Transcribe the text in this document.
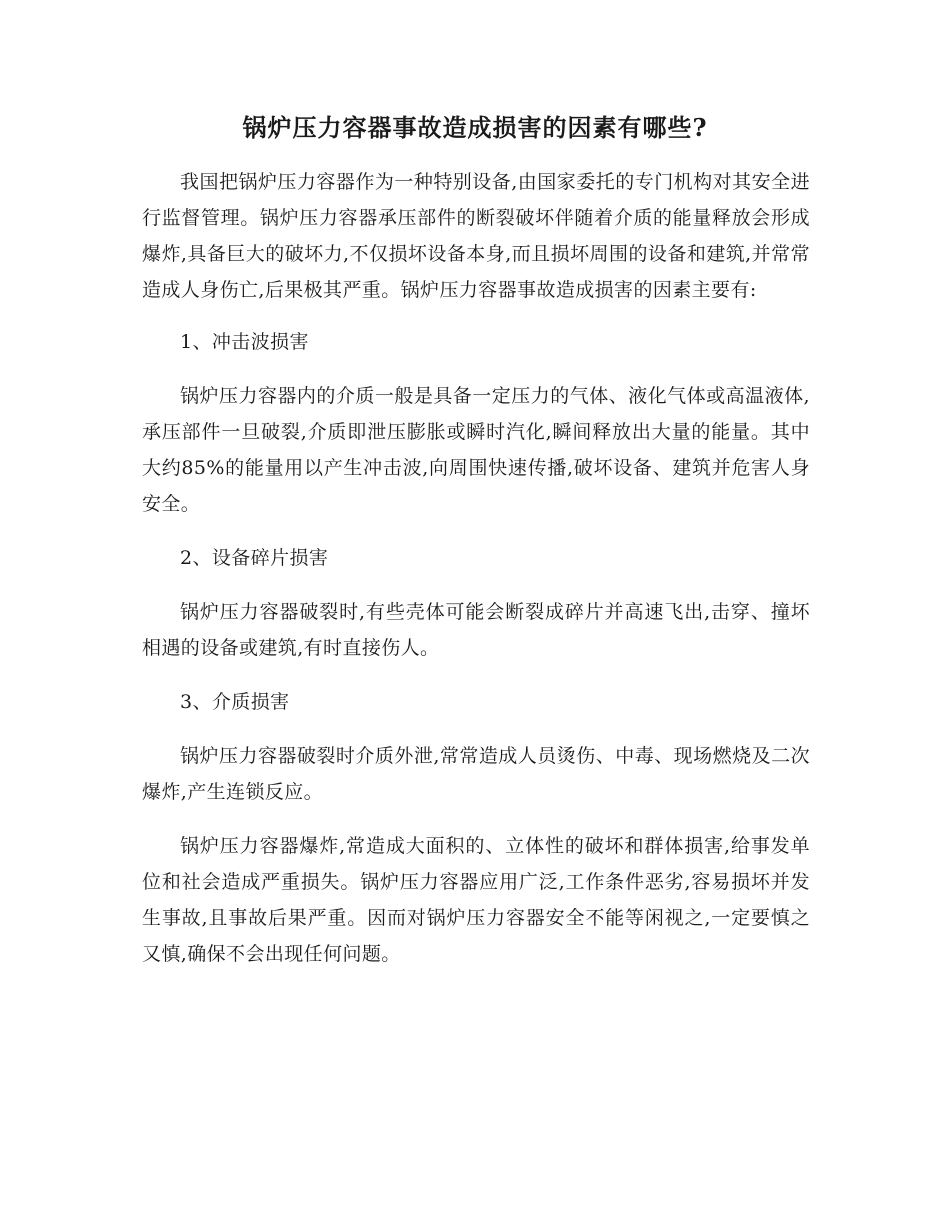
锅炉压力容器事故造成损害的因素有哪些?

我国把锅炉压力容器作为一种特别设备,由国家委托的专门机构对其安全进行监督管理。锅炉压力容器承压部件的断裂破坏伴随着介质的能量释放会形成爆炸,具备巨大的破坏力,不仅损坏设备本身,而且损坏周围的设备和建筑,并常常造成人身伤亡,后果极其严重。锅炉压力容器事故造成损害的因素主要有:

1、冲击波损害

锅炉压力容器内的介质一般是具备一定压力的气体、液化气体或高温液体,承压部件一旦破裂,介质即泄压膨胀或瞬时汽化,瞬间释放出大量的能量。其中大约85%的能量用以产生冲击波,向周围快速传播,破坏设备、建筑并危害人身安全。

2、设备碎片损害

锅炉压力容器破裂时,有些壳体可能会断裂成碎片并高速飞出,击穿、撞坏相遇的设备或建筑,有时直接伤人。

3、介质损害

锅炉压力容器破裂时介质外泄,常常造成人员烫伤、中毒、现场燃烧及二次爆炸,产生连锁反应。

锅炉压力容器爆炸,常造成大面积的、立体性的破坏和群体损害,给事发单位和社会造成严重损失。锅炉压力容器应用广泛,工作条件恶劣,容易损坏并发生事故,且事故后果严重。因而对锅炉压力容器安全不能等闲视之,一定要慎之又慎,确保不会出现任何问题。
